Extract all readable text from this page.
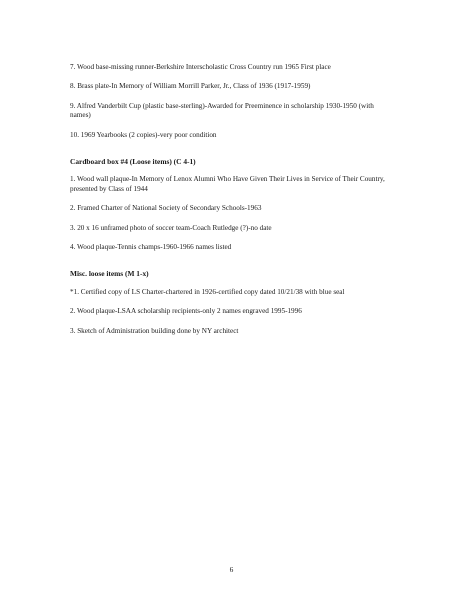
7. Wood base-missing runner-Berkshire Interscholastic Cross Country run 1965 First place

8. Brass plate-In Memory of William Morrill Parker, Jr., Class of 1936 (1917-1959)

9. Alfred Vanderbilt Cup (plastic base-sterling)-Awarded for Preeminence in scholarship 1930-1950 (with names)

10. 1969 Yearbooks (2 copies)-very poor condition

Cardboard box #4 (Loose items) (C 4-1)

1. Wood wall plaque-In Memory of Lenox Alumni Who Have Given Their Lives in Service of Their Country, presented by Class of 1944

2. Framed Charter of National Society of Secondary Schools-1963

3. 20 x 16 unframed photo of soccer team-Coach Rutledge (?)-no date

4. Wood plaque-Tennis champs-1960-1966 names listed

Misc. loose items (M 1-x)

*1. Certified copy of LS Charter-chartered in 1926-certified copy dated 10/21/38 with blue seal

2. Wood plaque-LSAA scholarship recipients-only 2 names engraved 1995-1996

3. Sketch of Administration building done by NY architect

6
